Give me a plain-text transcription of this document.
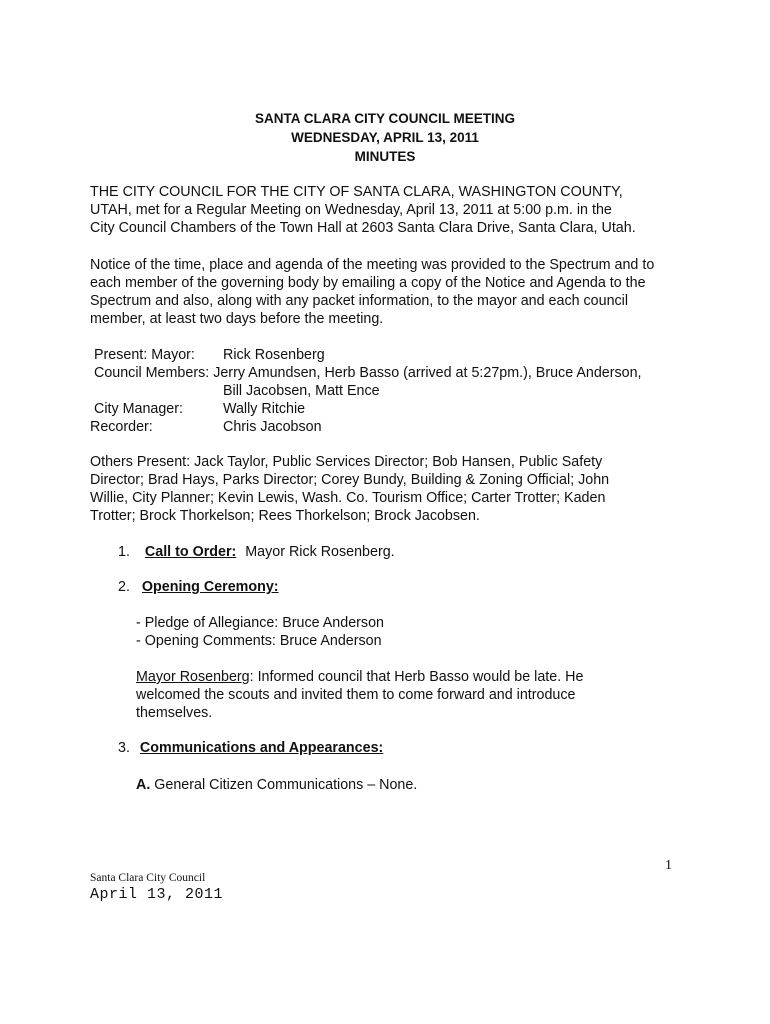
SANTA CLARA CITY COUNCIL MEETING
WEDNESDAY, APRIL 13, 2011
MINUTES
THE CITY COUNCIL FOR THE CITY OF SANTA CLARA, WASHINGTON COUNTY,
UTAH, met for a Regular Meeting on Wednesday, April 13, 2011 at 5:00 p.m. in the
City Council Chambers of the Town Hall at 2603 Santa Clara Drive, Santa Clara, Utah.
Notice of the time, place and agenda of the meeting was provided to the Spectrum and to
each member of the governing body by emailing a copy of the Notice and Agenda to the
Spectrum and also, along with any packet information, to the mayor and each council
member, at least two days before the meeting.
Present: Mayor: Rick Rosenberg
Council Members: Jerry Amundsen, Herb Basso (arrived at 5:27pm.), Bruce Anderson,
Bill Jacobsen, Matt Ence
City Manager:	Wally Ritchie
Recorder:	Chris Jacobson
Others Present: Jack Taylor, Public Services Director; Bob Hansen, Public Safety
Director; Brad Hays, Parks Director; Corey Bundy, Building & Zoning Official; John
Willie, City Planner; Kevin Lewis, Wash. Co. Tourism Office; Carter Trotter; Kaden
Trotter; Brock Thorkelson; Rees Thorkelson; Brock Jacobsen.
1. Call to Order: Mayor Rick Rosenberg.
2. Opening Ceremony:
- Pledge of Allegiance: Bruce Anderson
- Opening Comments: Bruce Anderson
Mayor Rosenberg: Informed council that Herb Basso would be late. He
welcomed the scouts and invited them to come forward and introduce
themselves.
3. Communications and Appearances:
A. General Citizen Communications – None.
1
Santa Clara City Council
April 13, 2011
